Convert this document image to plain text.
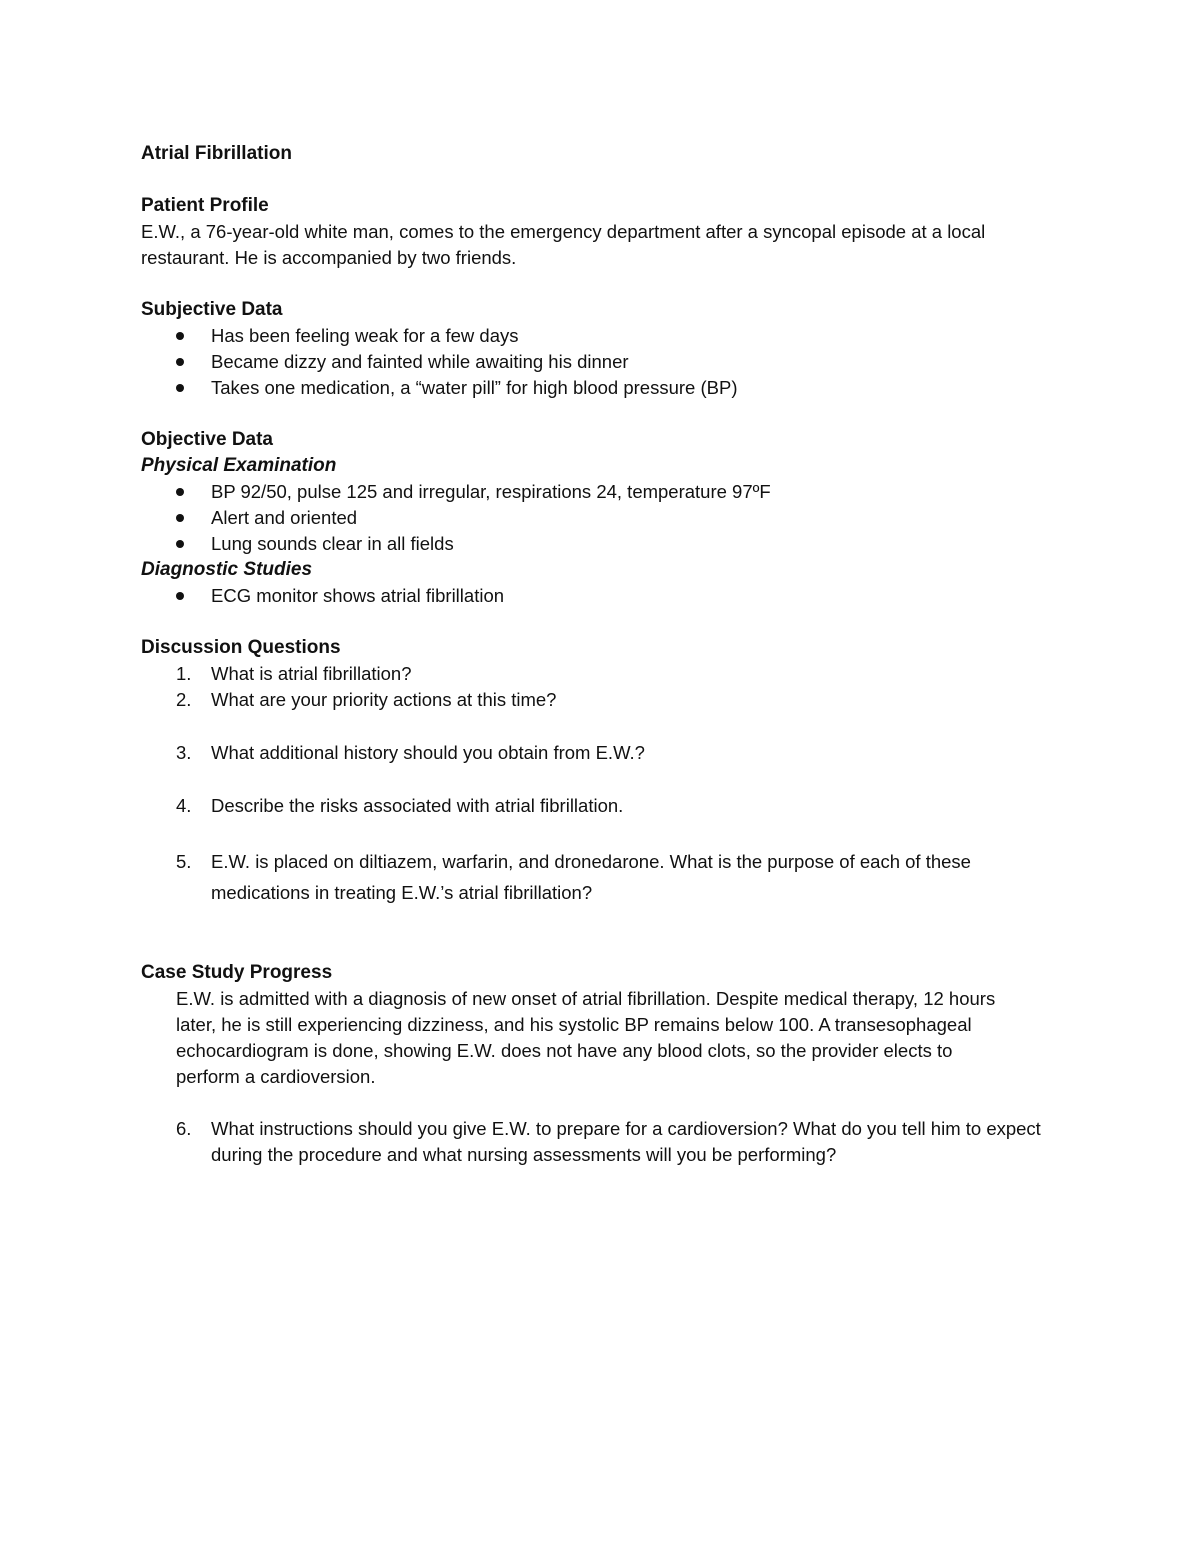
Atrial Fibrillation
Patient Profile

E.W., a 76-year-old white man, comes to the emergency department after a syncopal episode at a local restaurant. He is accompanied by two friends.

Subjective Data
Has been feeling weak for a few days
Became dizzy and fainted while awaiting his dinner
Takes one medication, a “water pill” for high blood pressure (BP)
Objective Data
Physical Examination
BP 92/50, pulse 125 and irregular, respirations 24, temperature 97ºF
Alert and oriented
Lung sounds clear in all fields
Diagnostic Studies
ECG monitor shows atrial fibrillation
Discussion Questions
1. What is atrial fibrillation?
2. What are your priority actions at this time?
3. What additional history should you obtain from E.W.?
4. Describe the risks associated with atrial fibrillation.
5. E.W. is placed on diltiazem, warfarin, and dronedarone. What is the purpose of each of these medications in treating E.W.’s atrial fibrillation?
Case Study Progress

E.W. is admitted with a diagnosis of new onset of atrial fibrillation. Despite medical therapy, 12 hours later, he is still experiencing dizziness, and his systolic BP remains below 100. A transesophageal echocardiogram is done, showing E.W. does not have any blood clots, so the provider elects to perform a cardioversion.

6. What instructions should you give E.W. to prepare for a cardioversion? What do you tell him to expect during the procedure and what nursing assessments will you be performing?
